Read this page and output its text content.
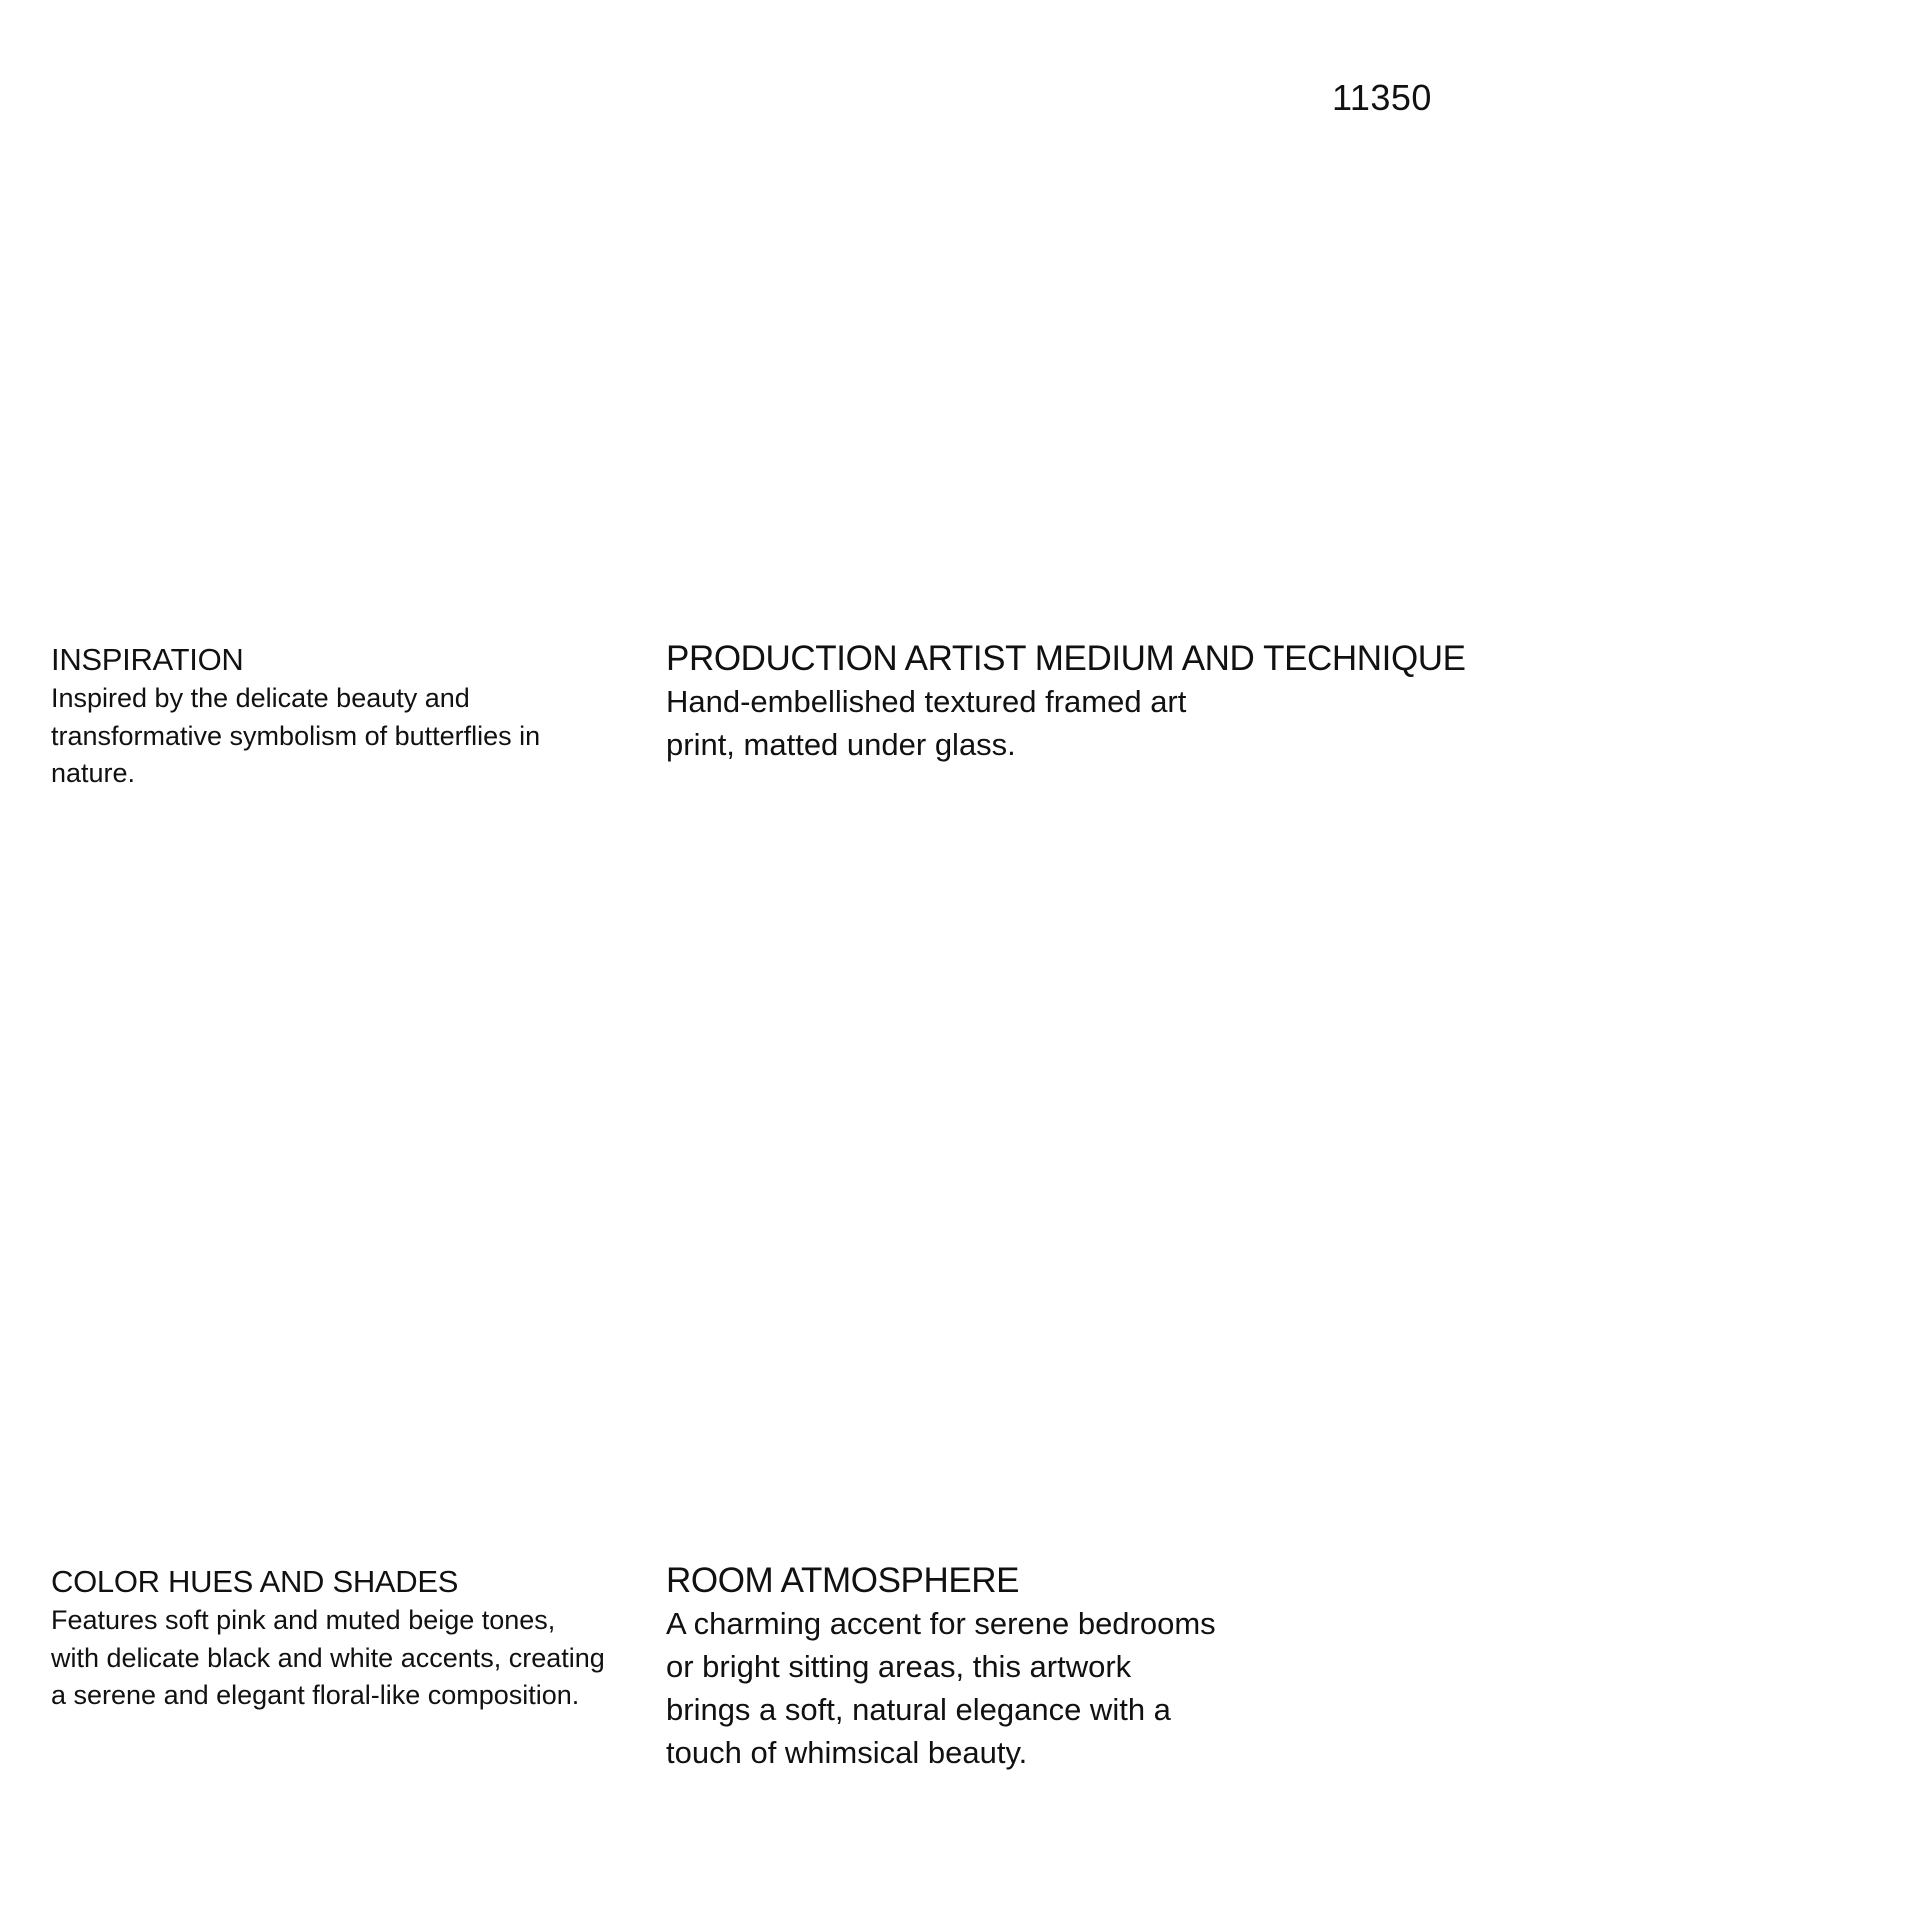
11350
INSPIRATION

Inspired by the delicate beauty and
transformative symbolism of butterflies in
nature.

PRODUCTION ARTIST MEDIUM AND TECHNIQUE

Hand-embellished textured framed art
print, matted under glass.

COLOR HUES AND SHADES

Features soft pink and muted beige tones,
with delicate black and white accents, creating
a serene and elegant floral-like composition.

ROOM ATMOSPHERE

A charming accent for serene bedrooms
or bright sitting areas, this artwork
brings a soft, natural elegance with a
touch of whimsical beauty.
